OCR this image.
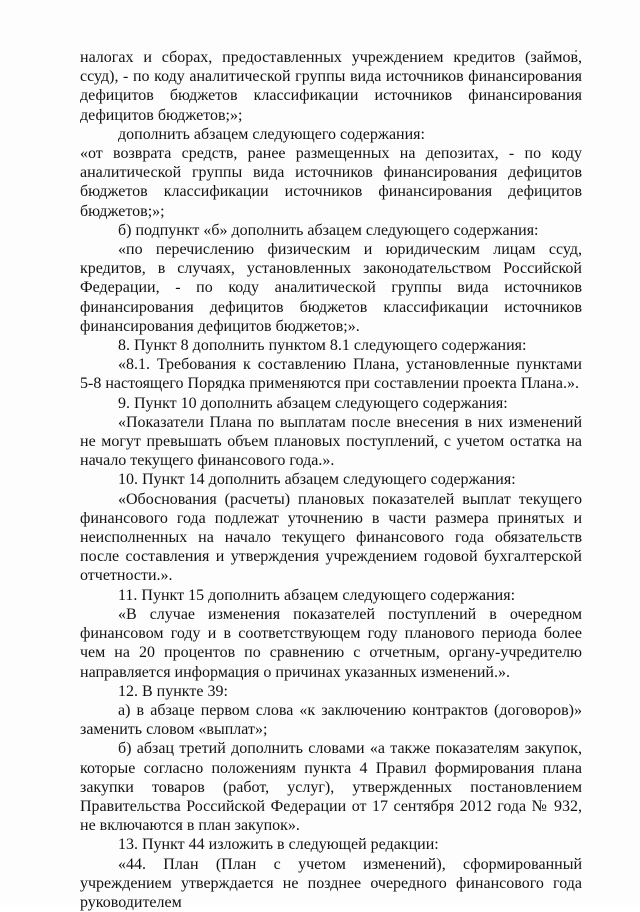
налогах и сборах, предоставленных учреждением кредитов (займов, ссуд), - по коду аналитической группы вида источников финансирования дефицитов бюджетов классификации источников финансирования дефицитов бюджетов;»;

дополнить абзацем следующего содержания:

«от возврата средств, ранее размещенных на депозитах, - по коду аналитической группы вида источников финансирования дефицитов бюджетов классификации источников финансирования дефицитов бюджетов;»;

б) подпункт «б» дополнить абзацем следующего содержания:

«по перечислению физическим и юридическим лицам ссуд, кредитов, в случаях, установленных законодательством Российской Федерации, - по коду аналитической группы вида источников финансирования дефицитов бюджетов классификации источников финансирования дефицитов бюджетов;».

8. Пункт 8 дополнить пунктом 8.1 следующего содержания:

«8.1. Требования к составлению Плана, установленные пунктами 5-8 настоящего Порядка применяются при составлении проекта Плана.».

9. Пункт 10 дополнить абзацем следующего содержания:

«Показатели Плана по выплатам после внесения в них изменений не могут превышать объем плановых поступлений, с учетом остатка на начало текущего финансового года.».

10. Пункт 14 дополнить абзацем следующего содержания:

«Обоснования (расчеты) плановых показателей выплат текущего финансового года подлежат уточнению в части размера принятых и неисполненных на начало текущего финансового года обязательств после составления и утверждения учреждением годовой бухгалтерской отчетности.».

11. Пункт 15 дополнить абзацем следующего содержания:

«В случае изменения показателей поступлений в очередном финансовом году и в соответствующем году планового периода более чем на 20 процентов по сравнению с отчетным, органу-учредителю направляется информация о причинах указанных изменений.».

12. В пункте 39:

а) в абзаце первом слова «к заключению контрактов (договоров)» заменить словом «выплат»;

б) абзац третий дополнить словами «а также показателям закупок, которые согласно положениям пункта 4 Правил формирования плана закупки товаров (работ, услуг), утвержденных постановлением Правительства Российской Федерации от 17 сентября 2012 года № 932, не включаются в план закупок».

13. Пункт 44 изложить в следующей редакции:

«44. План (План с учетом изменений), сформированный учреждением утверждается не позднее очередного финансового года руководителем
